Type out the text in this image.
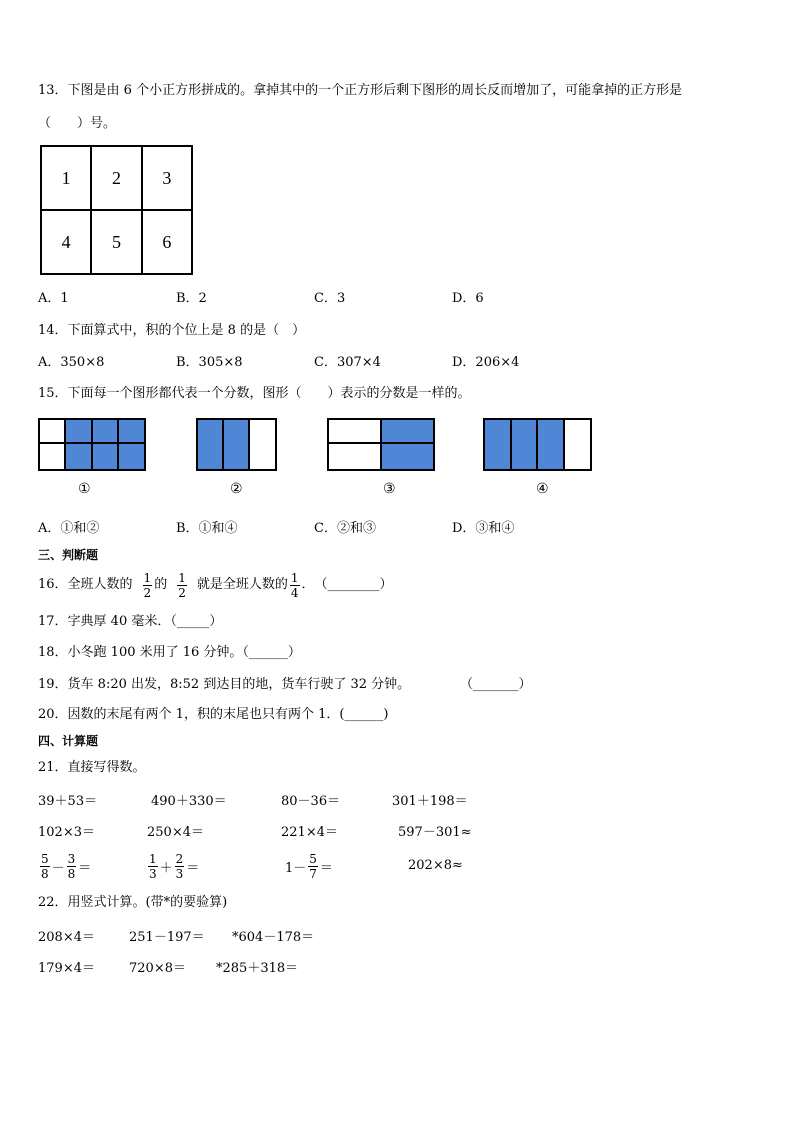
13．下图是由 6 个小正方形拼成的。拿掉其中的一个正方形后剩下图形的周长反而增加了，可能拿掉的正方形是
（　　）号。
1	2	3
4	5	6
A．1	B．2	C．3	D．6
14．下面算式中，积的个位上是 8 的是（　）
A．350×8	B．305×8	C．307×4	D．206×4
15．下面每一个图形都代表一个分数，图形（　　）表示的分数是一样的。
①	②	③	④
A．①和②	B．①和④	C．②和③	D．③和④
三、判断题
16．全班人数的 $\frac{1}{2}$ 的 $\frac{1}{2}$ 就是全班人数的 $\frac{1}{4}$ ．　（________）
17．字典厚 40 毫米．（_____）
18．小冬跑 100 米用了 16 分钟。（______）
19．货车 8:20 出发，8:52 到达目的地，货车行驶了 32 分钟。	（_______）
20．因数的末尾有两个 1，积的末尾也只有两个 1．(______)
四、计算题
21．直接写得数。
39＋53＝	490＋330＝	80－36＝	301＋198＝
102×3＝	250×4＝	221×4＝	597－301≈
$\frac{5}{8} - \frac{3}{8}$ ＝	$\frac{1}{3} + \frac{2}{3}$ ＝	$1- \frac{5}{7}$ ＝	202×8≈
22．用竖式计算。(带*的要验算)
208×4＝	251－197＝ *604－178＝
179×4＝	720×8＝ *285＋318＝
